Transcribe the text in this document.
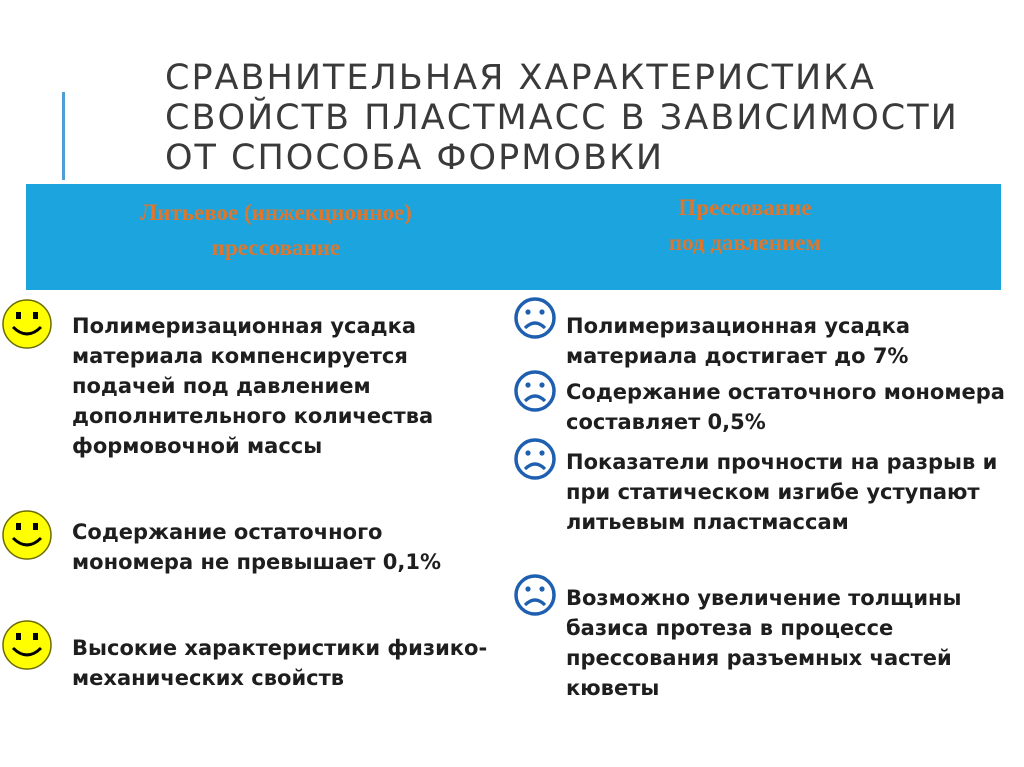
СРАВНИТЕЛЬНАЯ ХАРАКТЕРИСТИКА СВОЙСТВ ПЛАСТМАСС В ЗАВИСИМОСТИ ОТ СПОСОБА ФОРМОВКИ
Литьевое (инжекционное)
прессование
Прессование
под давлением

Полимеризационная усадка материала компенсируется подачей под давлением дополнительного количества формовочной массы

Содержание остаточного мономера не превышает 0,1%

Высокие характеристики физико-механических свойств

Полимеризационная усадка материала достигает до 7%

Содержание остаточного мономера составляет 0,5%

Показатели прочности на разрыв и при статическом изгибе уступают литьевым пластмассам

Возможно увеличение толщины базиса протеза в процессе прессования разъемных частей кюветы
